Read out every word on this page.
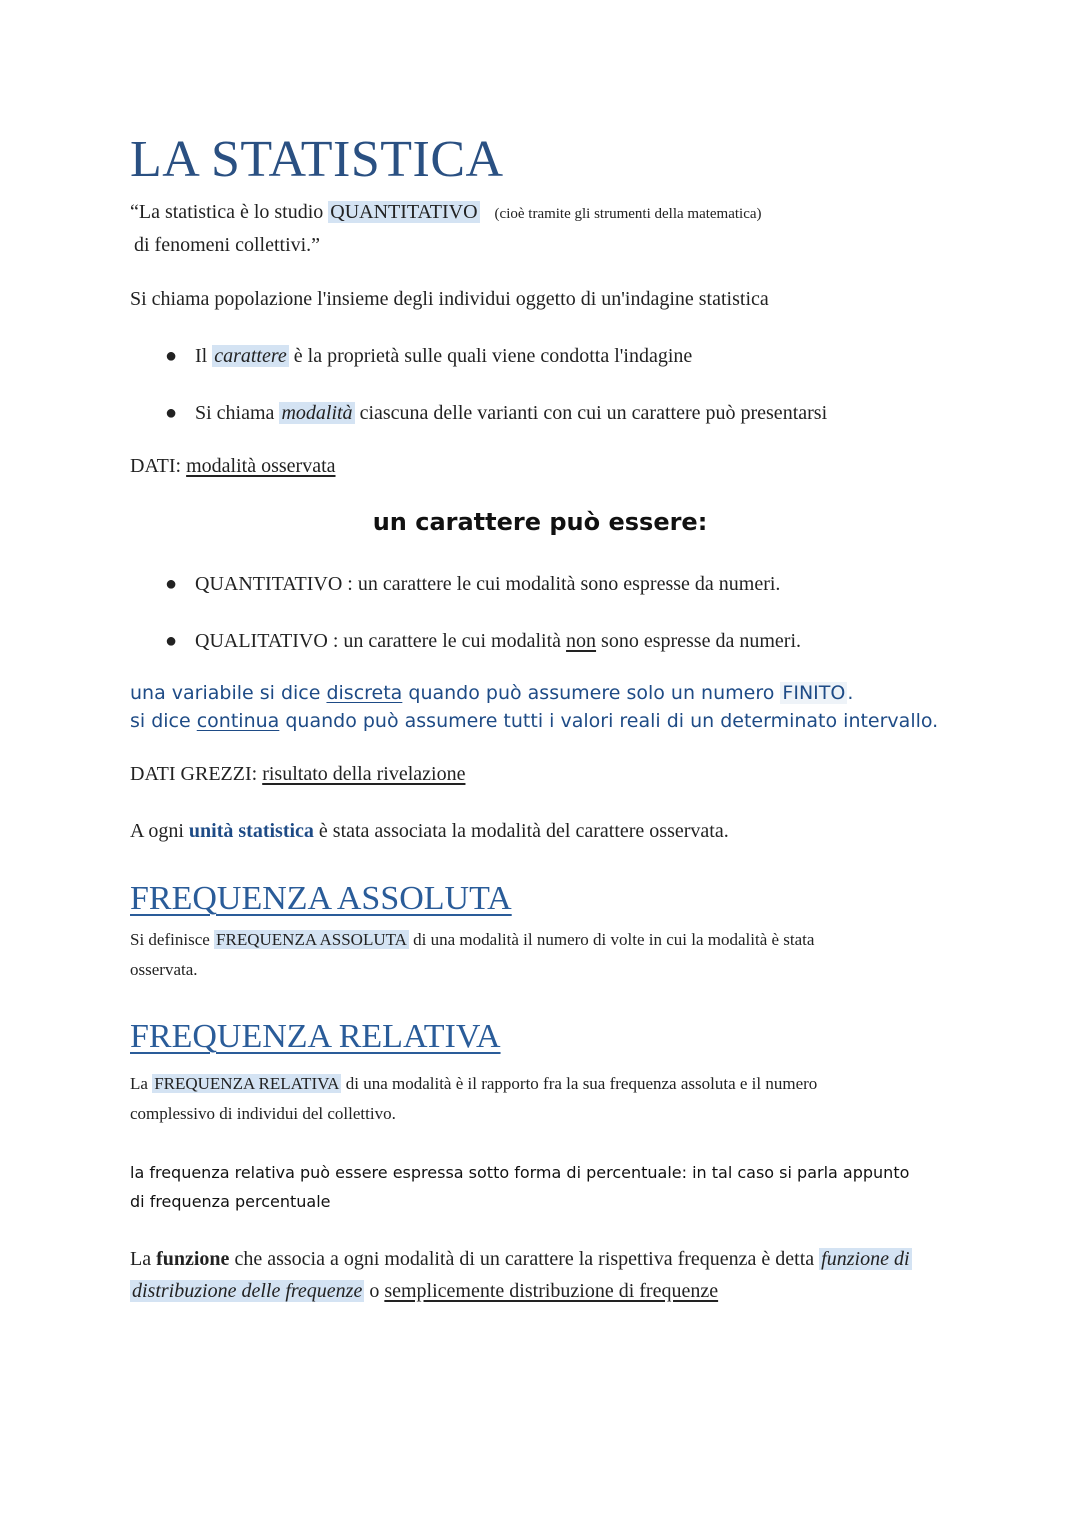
LA STATISTICA
“La statistica è lo studio QUANTITATIVO (cioè tramite gli strumenti della matematica)
di fenomeni collettivi.”
Si chiama popolazione l'insieme degli individui oggetto di un'indagine statistica
● Il carattere è la proprietà sulle quali viene condotta l'indagine
● Si chiama modalità ciascuna delle varianti con cui un carattere può presentarsi
DATI: modalità osservata
un carattere può essere:
● QUANTITATIVO : un carattere le cui modalità sono espresse da numeri.
● QUALITATIVO : un carattere le cui modalità non sono espresse da numeri.
una variabile si dice discreta quando può assumere solo un numero FINITO .
si dice continua quando può assumere tutti i valori reali di un determinato intervallo.
DATI GREZZI: risultato della rivelazione
A ogni unità statistica è stata associata la modalità del carattere osservata.
FREQUENZA ASSOLUTA
Si definisce FREQUENZA ASSOLUTA di una modalità il numero di volte in cui la modalità è stata
osservata.
FREQUENZA RELATIVA
La FREQUENZA RELATIVA di una modalità è il rapporto fra la sua frequenza assoluta e il numero
complessivo di individui del collettivo.
la frequenza relativa può essere espressa sotto forma di percentuale: in tal caso si parla appunto
di frequenza percentuale
La funzione che associa a ogni modalità di un carattere la rispettiva frequenza è detta funzione di
distribuzione delle frequenze o semplicemente distribuzione di frequenze
